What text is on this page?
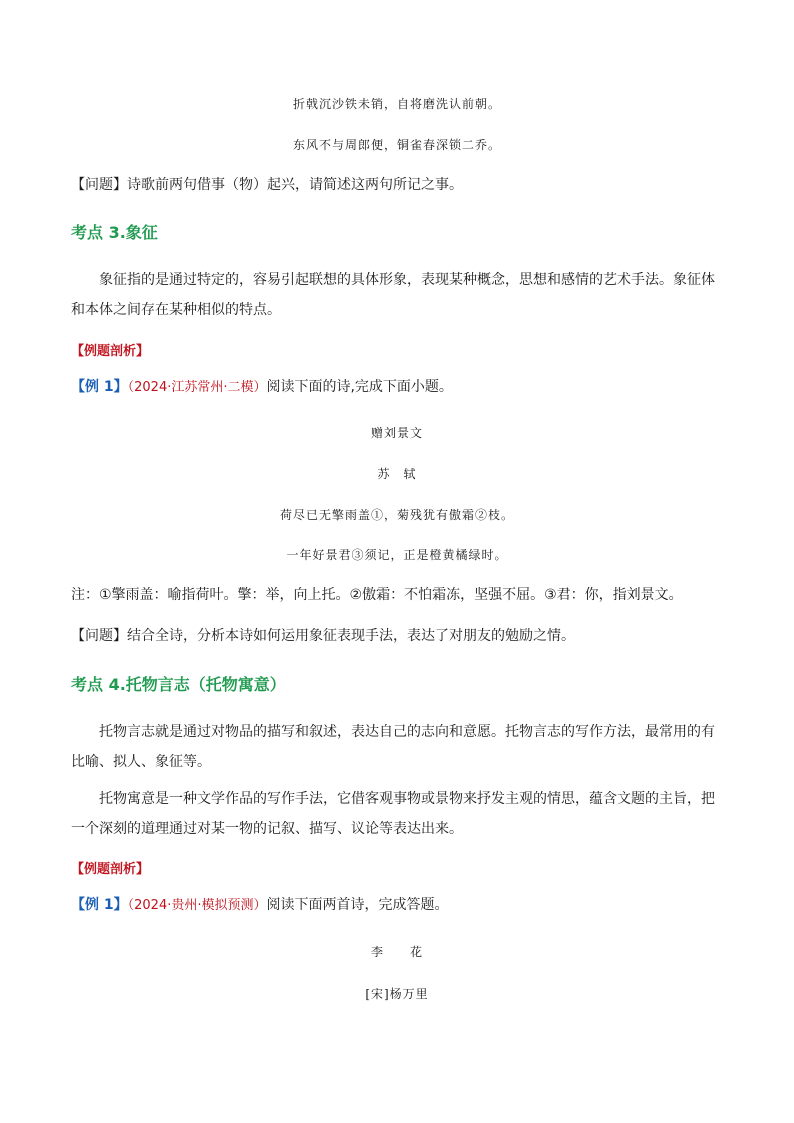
折戟沉沙铁未销，自将磨洗认前朝。
东风不与周郎便，铜雀春深锁二乔。
【问题】诗歌前两句借事（物）起兴，请简述这两句所记之事。
考点 3.象征
象征指的是通过特定的，容易引起联想的具体形象，表现某种概念，思想和感情的艺术手法。象征体和本体之间存在某种相似的特点。
【例题剖析】
【例 1】（2024·江苏常州·二模）阅读下面的诗,完成下面小题。
赠刘景文
苏　轼
荷尽已无擎雨盖①，菊残犹有傲霜②枝。
一年好景君③须记，正是橙黄橘绿时。
注：①擎雨盖：喻指荷叶。擎：举，向上托。②傲霜：不怕霜冻，坚强不屈。③君：你，指刘景文。
【问题】结合全诗，分析本诗如何运用象征表现手法，表达了对朋友的勉励之情。
考点 4.托物言志（托物寓意）
托物言志就是通过对物品的描写和叙述，表达自己的志向和意愿。托物言志的写作方法，最常用的有比喻、拟人、象征等。
托物寓意是一种文学作品的写作手法，它借客观事物或景物来抒发主观的情思，蕴含文题的主旨，把一个深刻的道理通过对某一物的记叙、描写、议论等表达出来。
【例题剖析】
【例 1】（2024·贵州·模拟预测）阅读下面两首诗，完成答题。
李　　花
[宋]杨万里
